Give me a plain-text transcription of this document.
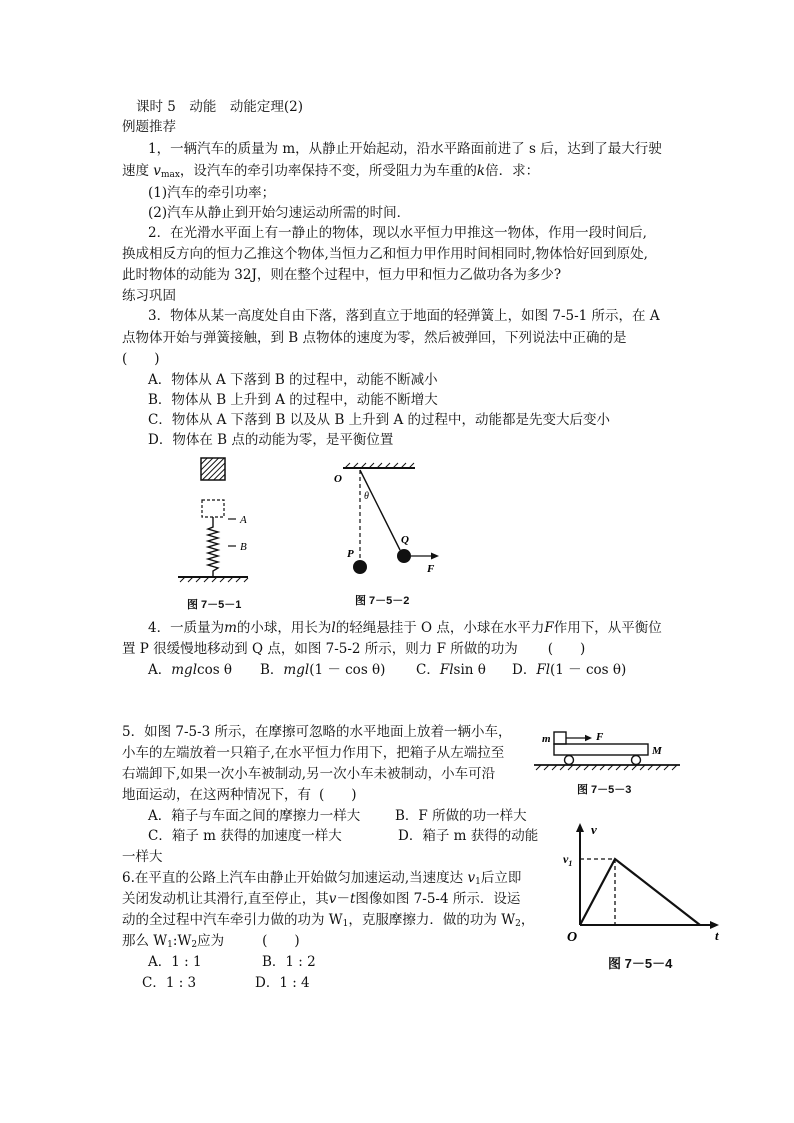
课时 5　动能　动能定理(2)
例题推荐
1，一辆汽车的质量为 m，从静止开始起动，沿水平路面前进了 s 后，达到了最大行驶
速度 $v_{max}$，设汽车的牵引功率保持不变，所受阻力为车重的k倍．求：
(1)汽车的牵引功率；
(2)汽车从静止到开始匀速运动所需的时间．
2．在光滑水平面上有一静止的物体，现以水平恒力甲推这一物体，作用一段时间后,
换成相反方向的恒力乙推这个物体,当恒力乙和恒力甲作用时间相同时,物体恰好回到原处,
此时物体的动能为 32J，则在整个过程中，恒力甲和恒力乙做功各为多少?
练习巩固
3．物体从某一高度处自由下落，落到直立于地面的轻弹簧上，如图 7-5-1 所示，在 A
点物体开始与弹簧接触，到 B 点物体的速度为零，然后被弹回，下列说法中正确的是
(　　)
A．物体从 A 下落到 B 的过程中，动能不断减小
B．物体从 B 上升到 A 的过程中，动能不断增大
C．物体从 A 下落到 B 以及从 B 上升到 A 的过程中，动能都是先变大后变小
D．物体在 B 点的动能为零，是平衡位置
A
B
图 7－5－1
O
θ
P
Q
F
图 7－5－2
4．一质量为m的小球，用长为l的轻绳悬挂于 O 点，小球在水平力F作用下，从平衡位
置 P 很缓慢地移动到 Q 点，如图 7-5-2 所示，则力 F 所做的功为 (　　)
A．mglcos θ B．mgl(1 － cos θ) C．Flsin θ D．Fl(1 － cos θ)
5．如图 7-5-3 所示，在摩擦可忽略的水平地面上放着一辆小车，
小车的左端放着一只箱子,在水平恒力作用下，把箱子从左端拉至
右端卸下,如果一次小车被制动,另一次小车未被制动，小车可沿
地面运动，在这两种情况下，有 (　　)
A．箱子与车面之间的摩擦力一样大	B．F 所做的功一样大
C．箱子 m 获得的加速度一样大	D．箱子 m 获得的动能
一样大
m	F
M
图 7－5－3
6.在平直的公路上汽车由静止开始做匀加速运动,当速度达 $v_1$后立即
关闭发动机让其滑行,直至停止，其v－t图像如图 7-5-4 所示．设运
动的全过程中汽车牵引力做的功为 $W_1$，克服摩擦力．做的功为 $W_2$，
那么 $W_1:W_2$应为	(　　)
A．1 : 1	B．1 : 2
C．1 : 3	D．1 : 4
v
t
O
$v_1$
图 7－5－4
